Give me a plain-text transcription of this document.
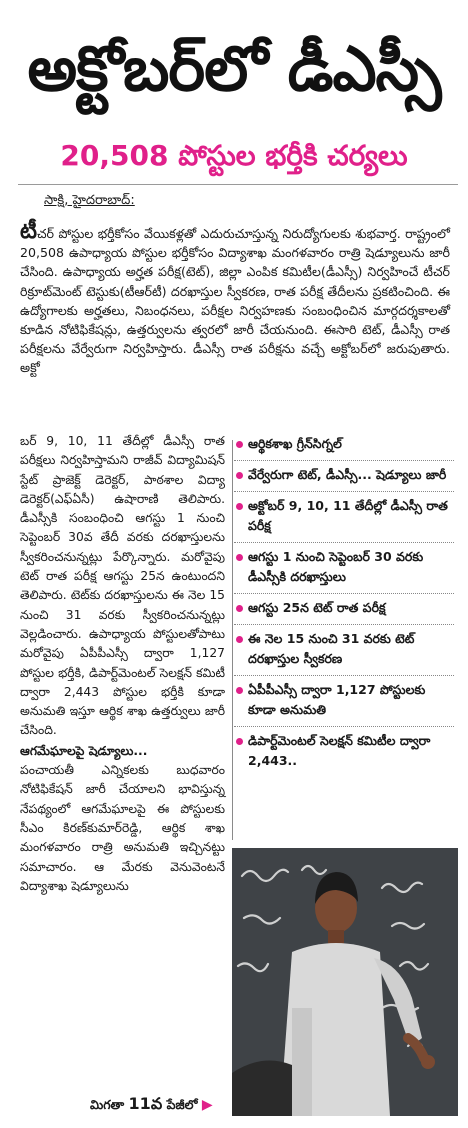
అక్టోబర్‌లో డీఎస్సీ
20,508 పోస్టుల భర్తీకి చర్యలు
సాక్షి, హైదరాబాద్:
టీచర్ పోస్టుల భర్తీకోసం వేయికళ్లతో ఎదురుచూస్తున్న నిరుద్యోగులకు శుభవార్త. రాష్ట్రంలో 20,508 ఉపాధ్యాయ పోస్టుల భర్తీకోసం విద్యాశాఖ మంగళవారం రాత్రి షెడ్యూలును జారీ చేసింది. ఉపాధ్యాయ అర్హత పరీక్ష(టెట్), జిల్లా ఎంపిక కమిటీల(డీఎస్సీ) నిర్వహించే టీచర్ రిక్రూట్‌మెంట్ టెస్టుకు(టీఆర్‌టీ) దరఖాస్తుల స్వీకరణ, రాత పరీక్ష తేదీలను ప్రకటించింది. ఈ ఉద్యోగాలకు అర్హతలు, నిబంధనలు, పరీక్షల నిర్వహణకు సంబంధించిన మార్గదర్శకాలతో కూడిన నోటిఫికేషన్లు, ఉత్తర్వులను త్వరలో జారీ చేయనుంది. ఈసారి టెట్, డీఎస్సీ రాత పరీక్షలను వేర్వేరుగా నిర్వహిస్తారు. డీఎస్సీ రాత పరీక్షను వచ్చే అక్టోబర్‌లో జరుపుతారు. అక్టో

బర్ 9, 10, 11 తేదీల్లో డీఎస్సీ రాత పరీక్షలు నిర్వహిస్తామని రాజీవ్ విద్యామిషన్ స్టేట్ ప్రాజెక్ట్ డెరెక్టర్, పాఠశాల విద్యా డెరెక్టర్(ఎఫ్‌ఏసీ) ఉషారాణి తెలిపారు. డీఎస్సీకి సంబంధించి ఆగస్టు 1 నుంచి సెప్టెంబర్ 30వ తేదీ వరకు దరఖాస్తులను స్వీకరించనున్నట్లు పేర్కొన్నారు. మరోవైపు టెట్ రాత పరీక్ష ఆగస్టు 25న ఉంటుందని తెలిపారు. టెట్‌కు దరఖాస్తులను ఈ నెల 15 నుంచి 31 వరకు స్వీకరించనున్నట్లు వెల్లడించారు. ఉపాధ్యాయ పోస్టులతోపాటు మరోవైపు ఏపీపీఎస్సీ ద్వారా 1,127 పోస్టుల భర్తీకి, డిపార్ట్‌మెంటల్ సెలక్షన్ కమిటీ ద్వారా 2,443 పోస్టుల భర్తీకి కూడా అనుమతి ఇస్తూ ఆర్థిక శాఖ ఉత్తర్వులు జారీ చేసింది.

ఆగమేఘాలపై షెడ్యూలు...

పంచాయతీ ఎన్నికలకు బుధవారం నోటిఫికేషన్ జారీ చేయాలని భావిస్తున్న నేపథ్యంలో ఆగమేఘాలపై ఈ పోస్టులకు సీఎం కిరణ్‌కుమార్‌రెడ్డి, ఆర్థిక శాఖ మంగళవారం రాత్రి అనుమతి ఇచ్చినట్టు సమాచారం. ఆ మేరకు వెనువెంటనే విద్యాశాఖ షెడ్యూలును

ఆర్థికశాఖ గ్రీన్‌సిగ్నల్
వేర్వేరుగా టెట్, డీఎస్సీ... షెడ్యూలు జారీ
అక్టోబర్ 9, 10, 11 తేదీల్లో డీఎస్సీ రాత పరీక్ష
ఆగస్టు 1 నుంచి సెప్టెంబర్ 30 వరకు డీఎస్సీకి దరఖాస్తులు
ఆగస్టు 25న టెట్ రాత పరీక్ష
ఈ నెల 15 నుంచి 31 వరకు టెట్ దరఖాస్తుల స్వీకరణ
ఏపీపీఎస్సీ ద్వారా 1,127 పోస్టులకు కూడా అనుమతి
డిపార్ట్‌మెంటల్ సెలక్షన్ కమిటీల ద్వారా 2,443..
మిగతా 11వ పేజీలో ▶
